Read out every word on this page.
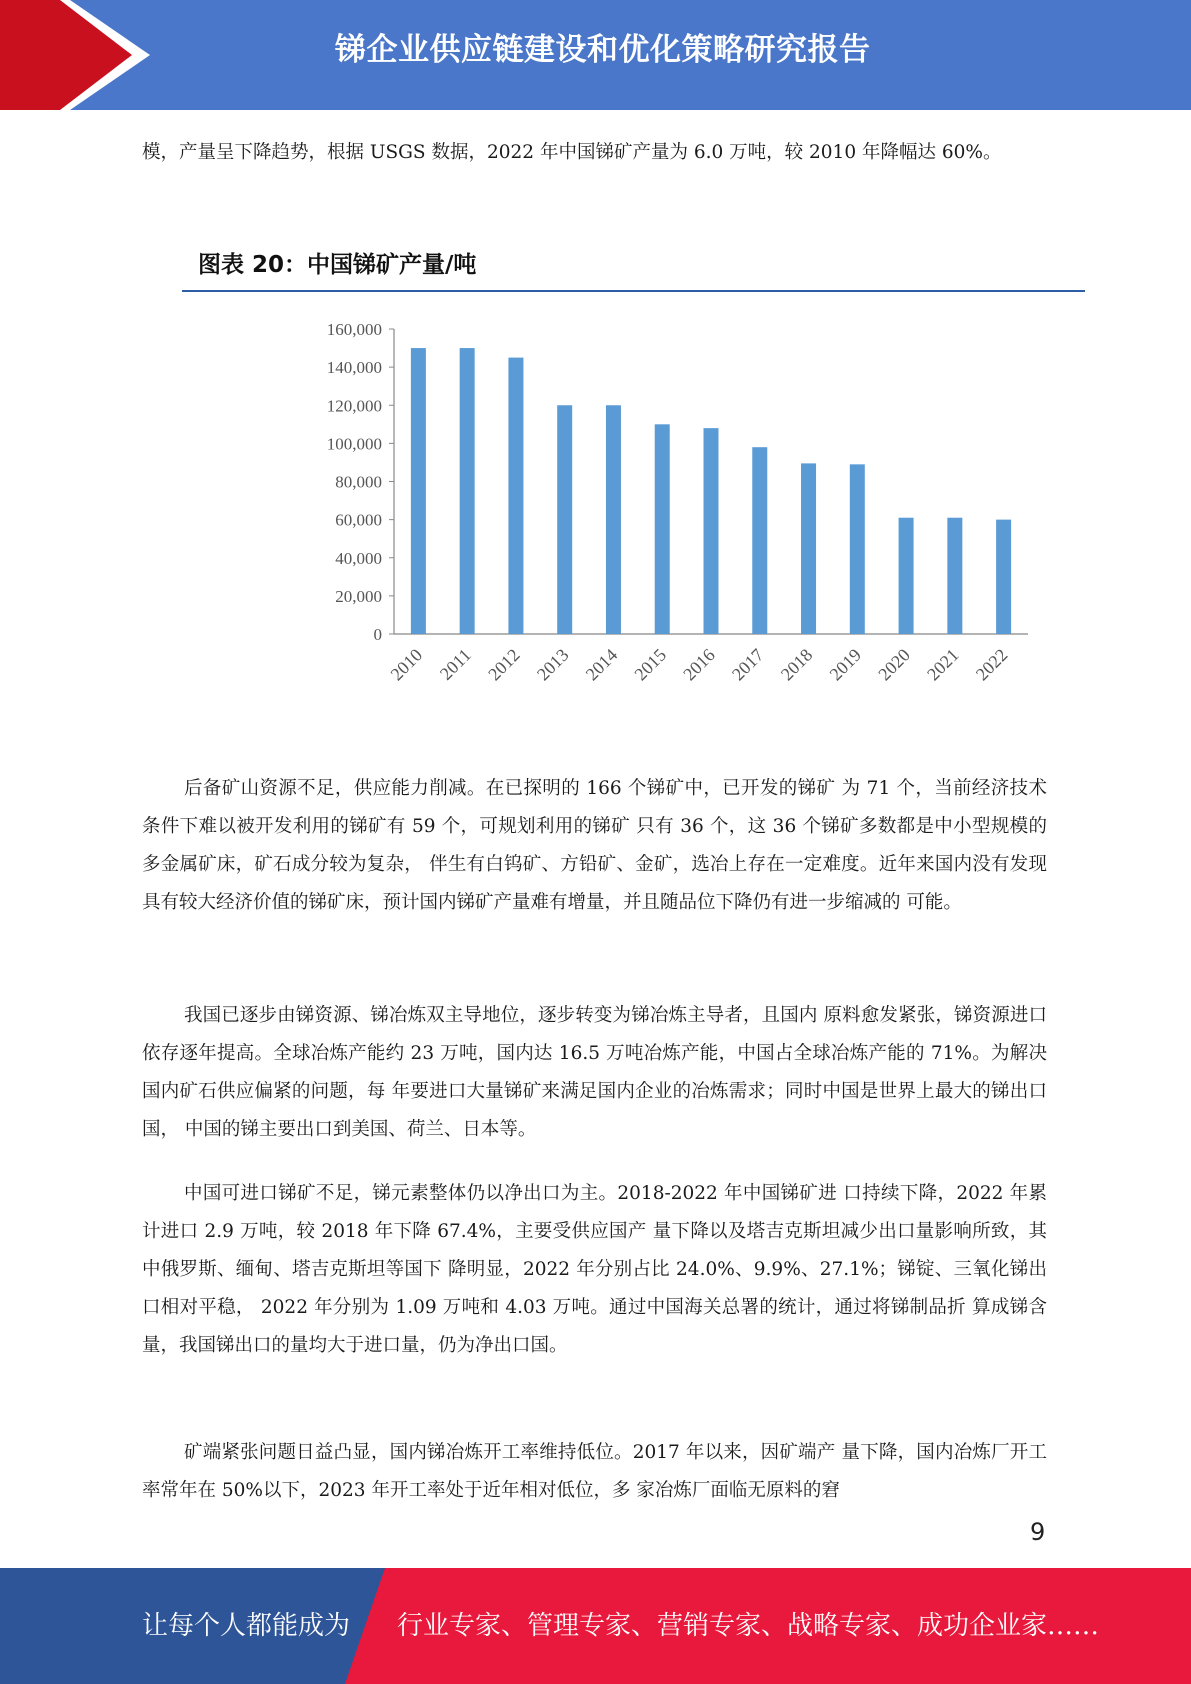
锑企业供应链建设和优化策略研究报告

模，产量呈下降趋势，根据 USGS 数据，2022 年中国锑矿产量为 6.0 万吨，较 2010 年降幅达 60%。

图表 20：中国锑矿产量/吨
0
20,000
40,000
60,000
80,000
100,000
120,000
140,000
160,000
2010 2011 2012 2013 2014 2015 2016 2017 2018 2019 2020 2021 2022

后备矿山资源不足，供应能力削减。在已探明的 166 个锑矿中，已开发的锑矿 为 71 个，当前经济技术条件下难以被开发利用的锑矿有 59 个，可规划利用的锑矿 只有 36 个，这 36 个锑矿多数都是中小型规模的多金属矿床，矿石成分较为复杂， 伴生有白钨矿、方铅矿、金矿，选冶上存在一定难度。近年来国内没有发现具有较大经济价值的锑矿床，预计国内锑矿产量难有增量，并且随品位下降仍有进一步缩减的 可能。

我国已逐步由锑资源、锑冶炼双主导地位，逐步转变为锑冶炼主导者，且国内 原料愈发紧张，锑资源进口依存逐年提高。全球冶炼产能约 23 万吨，国内达 16.5 万吨冶炼产能，中国占全球冶炼产能的 71%。为解决国内矿石供应偏紧的问题，每 年要进口大量锑矿来满足国内企业的冶炼需求；同时中国是世界上最大的锑出口国， 中国的锑主要出口到美国、荷兰、日本等。

中国可进口锑矿不足，锑元素整体仍以净出口为主。2018-2022 年中国锑矿进 口持续下降，2022 年累计进口 2.9 万吨，较 2018 年下降 67.4%，主要受供应国产 量下降以及塔吉克斯坦减少出口量影响所致，其中俄罗斯、缅甸、塔吉克斯坦等国下 降明显，2022 年分别占比 24.0%、9.9%、27.1%；锑锭、三氧化锑出口相对平稳， 2022 年分别为 1.09 万吨和 4.03 万吨。通过中国海关总署的统计，通过将锑制品折 算成锑含量，我国锑出口的量均大于进口量，仍为净出口国。

矿端紧张问题日益凸显，国内锑冶炼开工率维持低位。2017 年以来，因矿端产 量下降，国内冶炼厂开工率常年在 50%以下，2023 年开工率处于近年相对低位，多 家冶炼厂面临无原料的窘

9
让每个人都能成为 行业专家、管理专家、营销专家、战略专家、成功企业家……
